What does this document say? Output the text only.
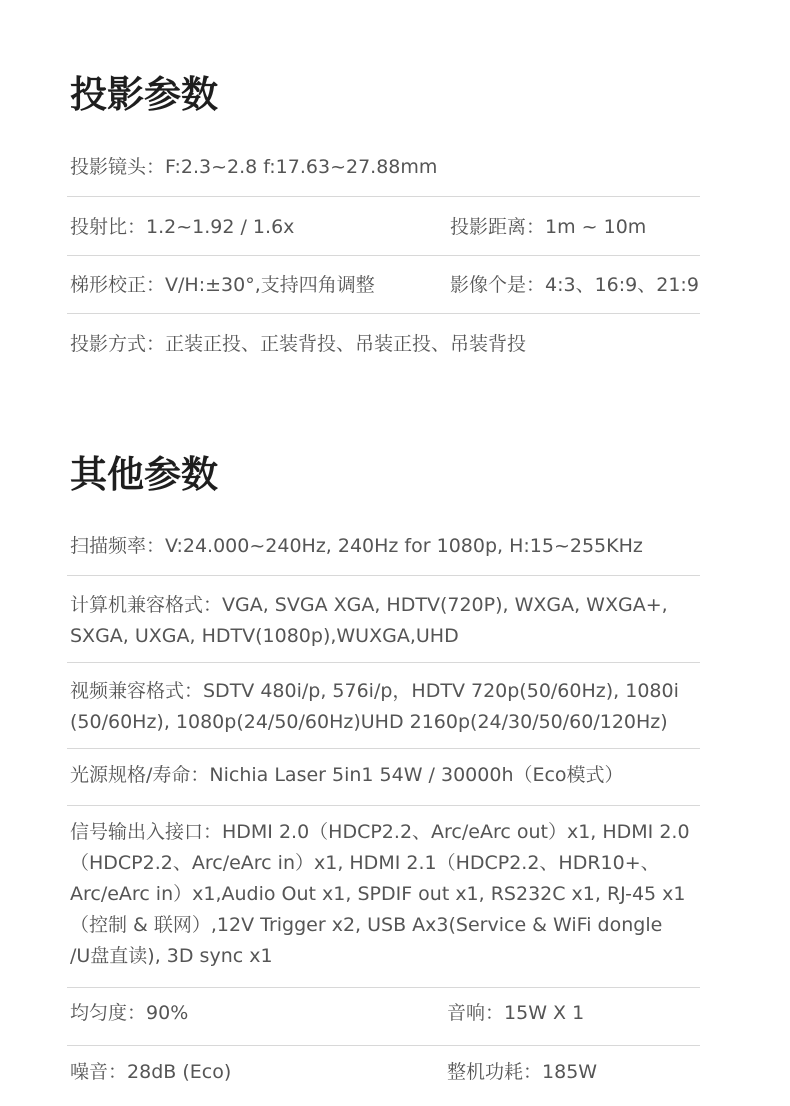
投影参数
投影镜头：F:2.3~2.8 f:17.63~27.88mm
投射比：1.2~1.92 / 1.6x	投影距离：1m ~ 10m
梯形校正：V/H:±30°,支持四角调整	影像个是：4:3、16:9、21:9
投影方式：正装正投、正装背投、吊装正投、吊装背投
其他参数
扫描频率：V:24.000~240Hz, 240Hz for 1080p, H:15~255KHz
计算机兼容格式：VGA, SVGA XGA, HDTV(720P), WXGA, WXGA+,
SXGA, UXGA, HDTV(1080p),WUXGA,UHD
视频兼容格式：SDTV 480i/p, 576i/p，HDTV 720p(50/60Hz), 1080i
(50/60Hz), 1080p(24/50/60Hz)UHD 2160p(24/30/50/60/120Hz)
光源规格/寿命：Nichia Laser 5in1 54W / 30000h（Eco模式）
信号输出入接口：HDMI 2.0（HDCP2.2、Arc/eArc out）x1, HDMI 2.0
（HDCP2.2、Arc/eArc in）x1, HDMI 2.1（HDCP2.2、HDR10+、
Arc/eArc in）x1,Audio Out x1, SPDIF out x1, RS232C x1, RJ-45 x1
（控制 & 联网）,12V Trigger x2, USB Ax3(Service & WiFi dongle
/U盘直读), 3D sync x1
均匀度：90%	音响：15W X 1
噪音：28dB (Eco)	整机功耗：185W
